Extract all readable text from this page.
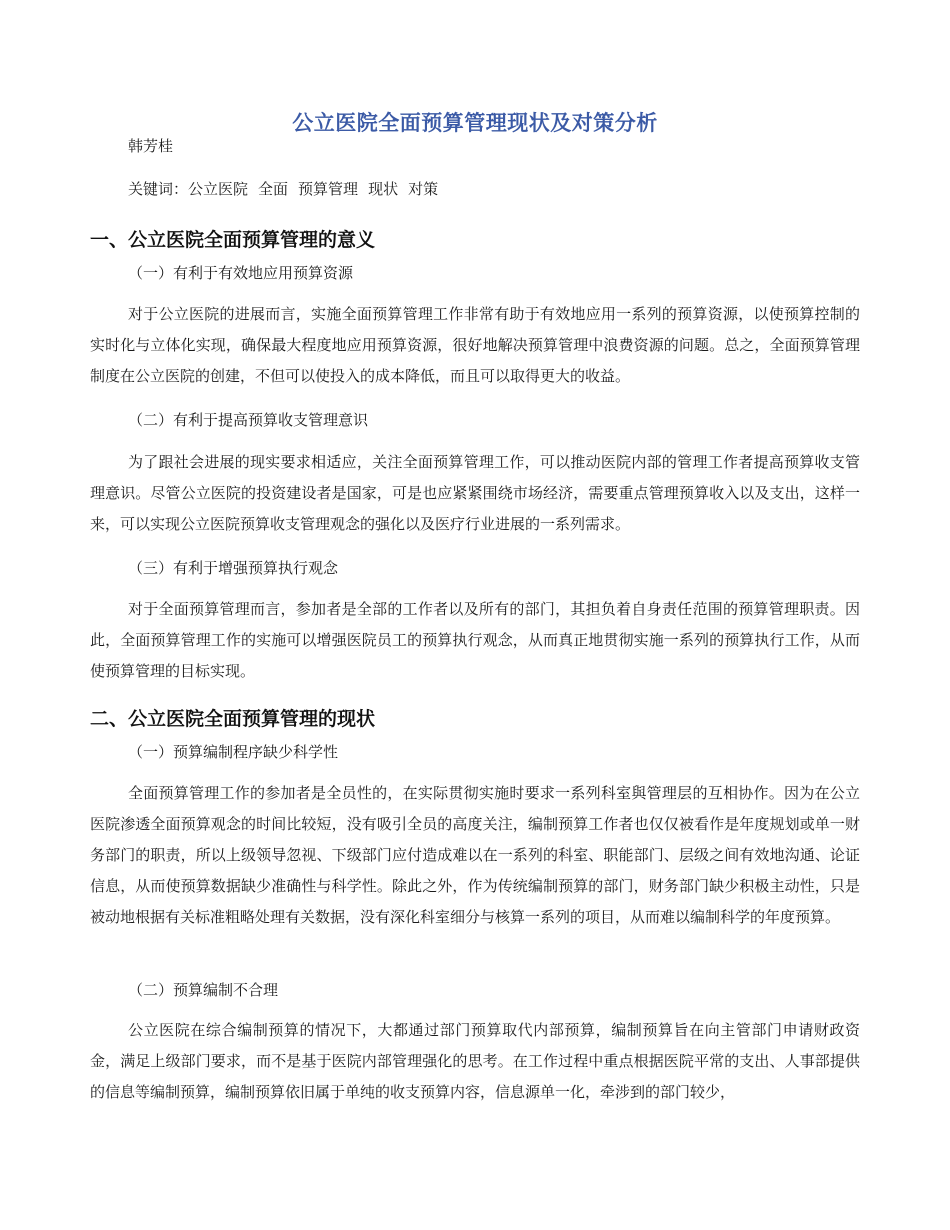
公立医院全面预算管理现状及对策分析
韩芳桂
关键词：公立医院 全面 预算管理 现状 对策
一、公立医院全面预算管理的意义
（一）有利于有效地应用预算资源

对于公立医院的进展而言，实施全面预算管理工作非常有助于有效地应用一系列的预算资源，以使预算控制的实时化与立体化实现，确保最大程度地应用预算资源，很好地解决预算管理中浪费资源的问题。总之，全面预算管理制度在公立医院的创建，不但可以使投入的成本降低，而且可以取得更大的收益。

（二）有利于提高预算收支管理意识

为了跟社会进展的现实要求相适应，关注全面预算管理工作，可以推动医院内部的管理工作者提高预算收支管理意识。尽管公立医院的投资建设者是国家，可是也应紧紧围绕市场经济，需要重点管理预算收入以及支出，这样一来，可以实现公立医院预算收支管理观念的强化以及医疗行业进展的一系列需求。

（三）有利于增强预算执行观念

对于全面预算管理而言，参加者是全部的工作者以及所有的部门，其担负着自身责任范围的预算管理职责。因此，全面预算管理工作的实施可以增强医院员工的预算执行观念，从而真正地贯彻实施一系列的预算执行工作，从而使预算管理的目标实现。

二、公立医院全面预算管理的现状
（一）预算编制程序缺少科学性

全面预算管理工作的参加者是全员性的，在实际贯彻实施时要求一系列科室與管理层的互相协作。因为在公立医院渗透全面预算观念的时间比较短，没有吸引全员的高度关注，编制预算工作者也仅仅被看作是年度规划或单一财务部门的职责，所以上级领导忽视、下级部门应付造成难以在一系列的科室、职能部门、层级之间有效地沟通、论证信息，从而使预算数据缺少准确性与科学性。除此之外，作为传统编制预算的部门，财务部门缺少积极主动性，只是被动地根据有关标准粗略处理有关数据，没有深化科室细分与核算一系列的项目，从而难以编制科学的年度预算。

（二）预算编制不合理

公立医院在综合编制预算的情况下，大都通过部门预算取代内部预算，编制预算旨在向主管部门申请财政资金，满足上级部门要求，而不是基于医院内部管理强化的思考。在工作过程中重点根据医院平常的支出、人事部提供的信息等编制预算，编制预算依旧属于单纯的收支预算内容，信息源单一化，牵涉到的部门较少，
